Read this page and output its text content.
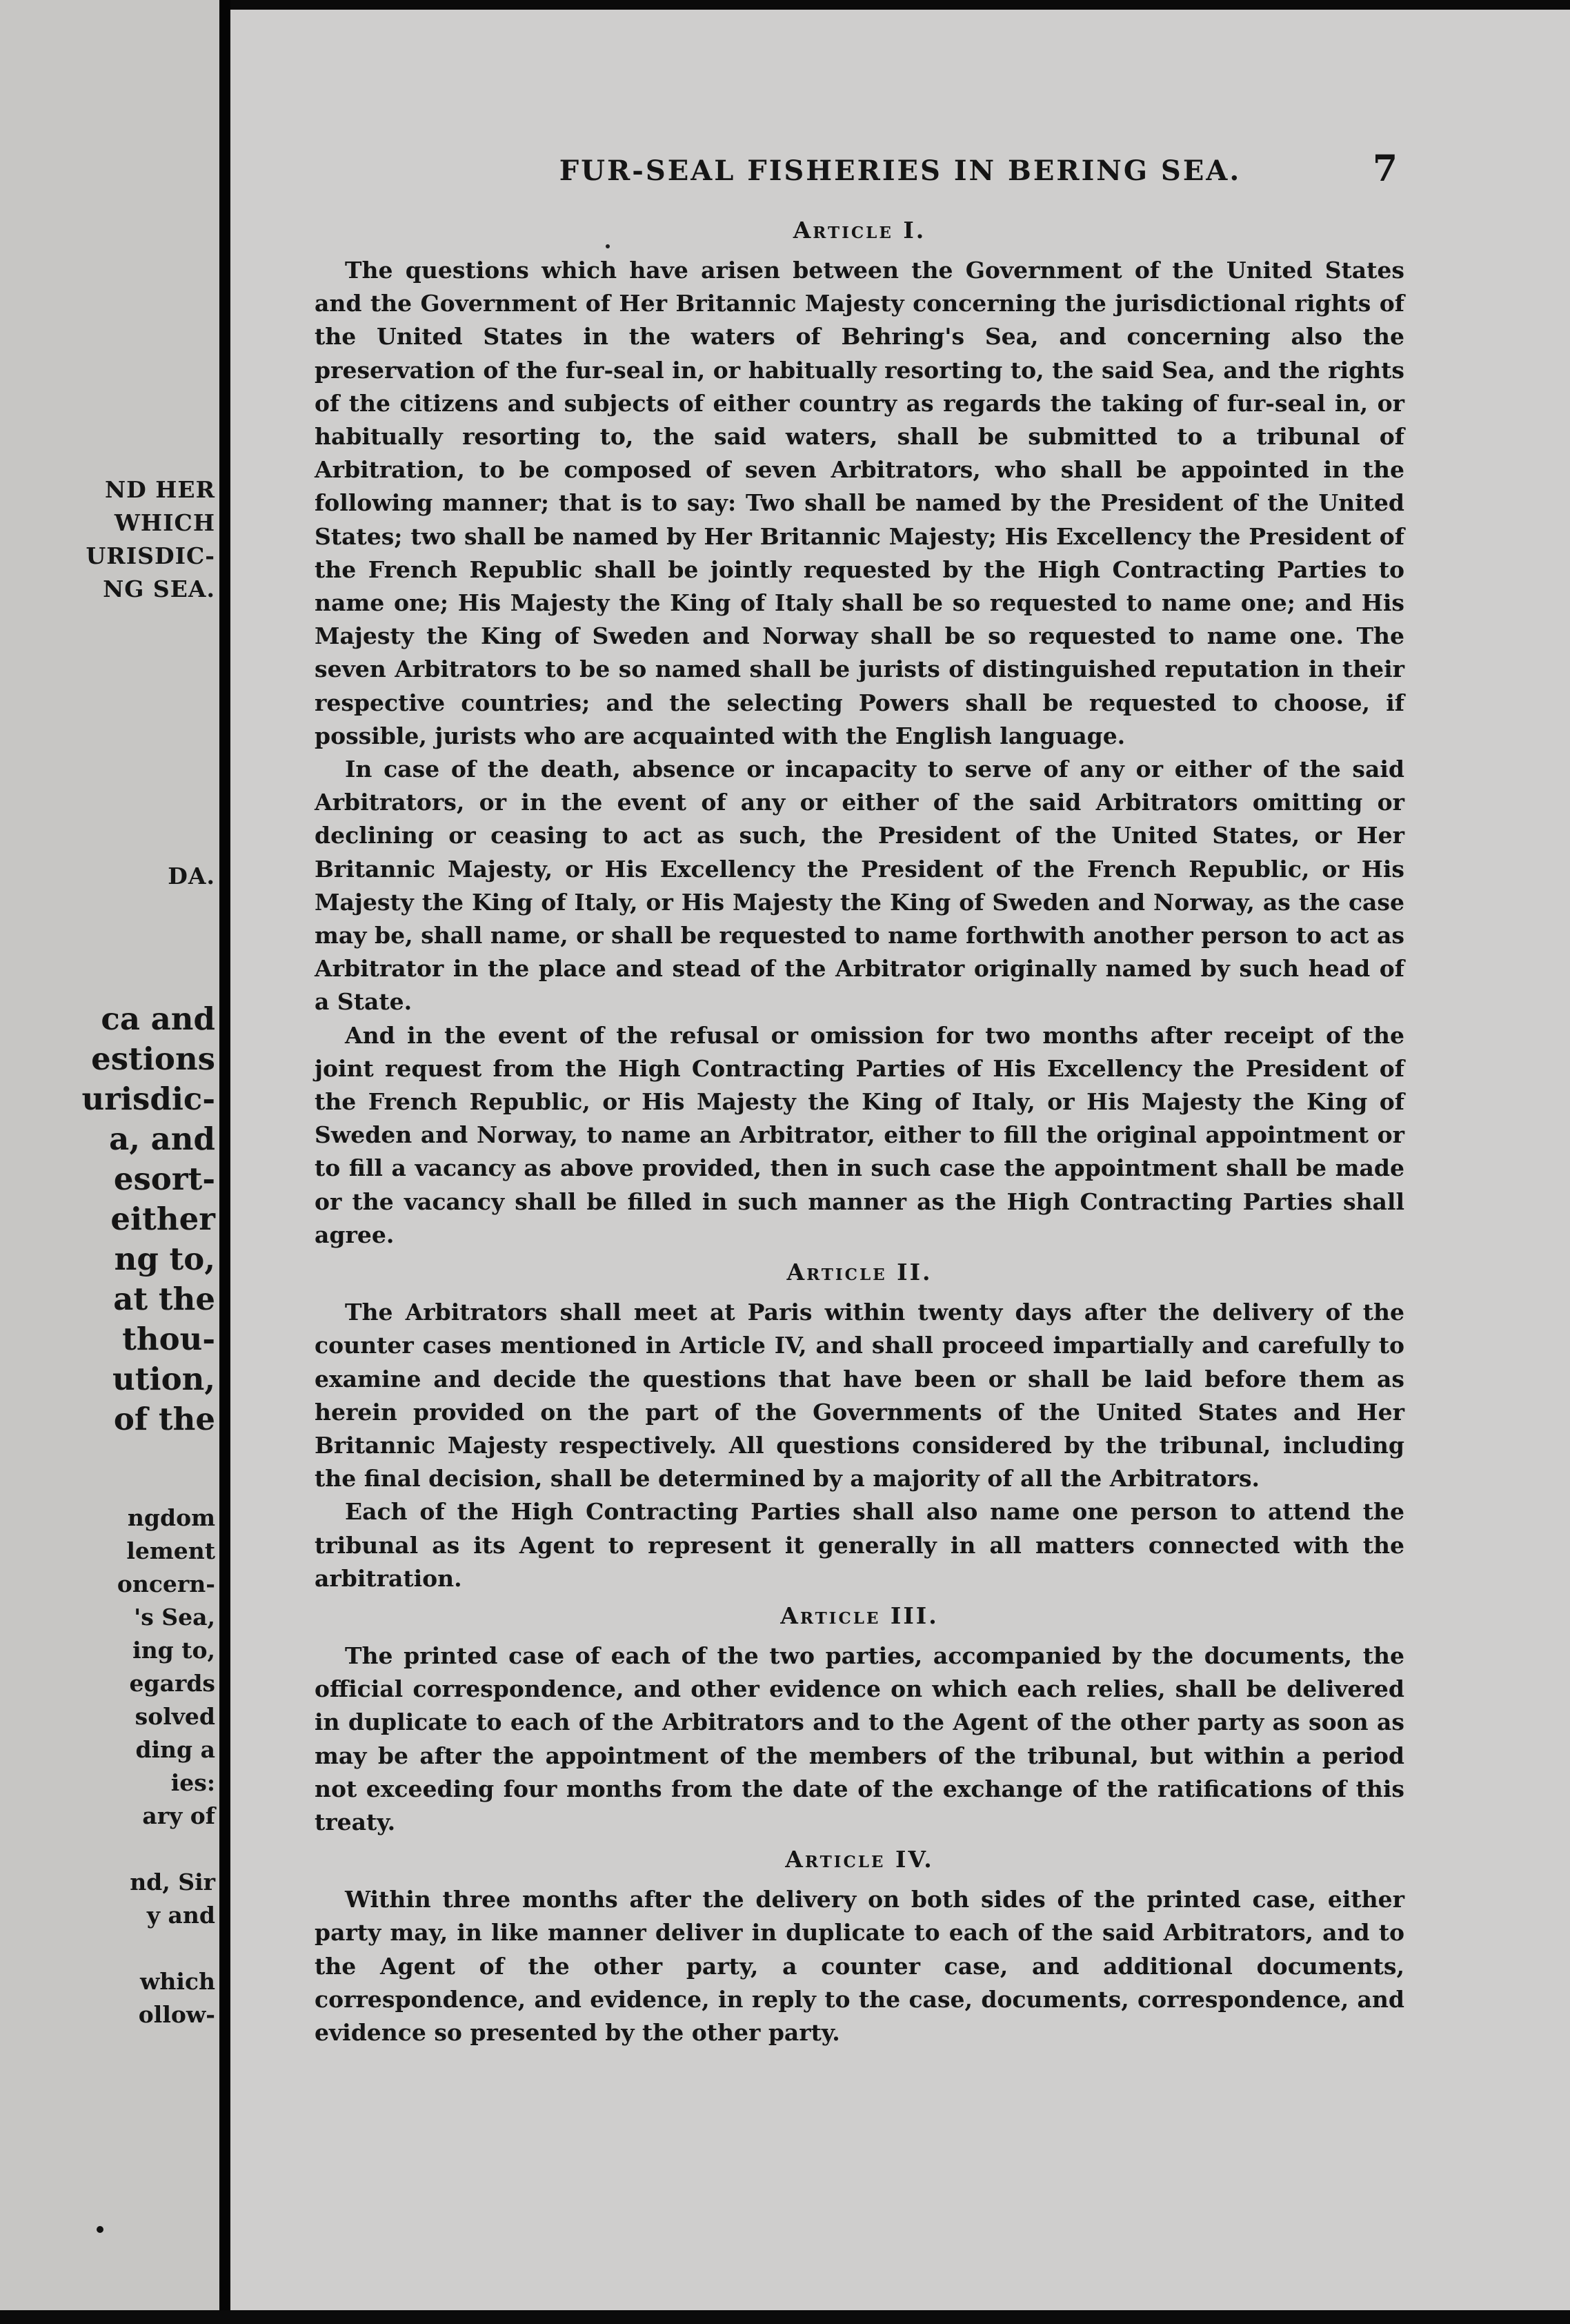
ND HER
WHICH
URISDIC-
NG SEA.
DA.
ca and
estions
urisdic-
a, and
esort-
either
ng to,
at the
thou-
ution,
of the
ngdom
lement
oncern-
's Sea,
ing to,
egards
solved
ding a
ies:
ary of
nd, Sir
y and
which
ollow-
FUR-SEAL FISHERIES IN BERING SEA.	7
Article I.

The questions which have arisen between the Government of the United States and the Government of Her Britannic Majesty concerning the jurisdictional rights of the United States in the waters of Behring's Sea, and concerning also the preservation of the fur-seal in, or habitually resorting to, the said Sea, and the rights of the citizens and subjects of either country as regards the taking of fur-seal in, or habitually resorting to, the said waters, shall be submitted to a tribunal of Arbitration, to be composed of seven Arbitrators, who shall be appointed in the following manner; that is to say: Two shall be named by the President of the United States; two shall be named by Her Britannic Majesty; His Excellency the President of the French Republic shall be jointly requested by the High Contracting Parties to name one; His Majesty the King of Italy shall be so requested to name one; and His Majesty the King of Sweden and Norway shall be so requested to name one. The seven Arbitrators to be so named shall be jurists of distinguished reputation in their respective countries; and the selecting Powers shall be requested to choose, if possible, jurists who are acquainted with the English language.

In case of the death, absence or incapacity to serve of any or either of the said Arbitrators, or in the event of any or either of the said Arbitrators omitting or declining or ceasing to act as such, the President of the United States, or Her Britannic Majesty, or His Excellency the President of the French Republic, or His Majesty the King of Italy, or His Majesty the King of Sweden and Norway, as the case may be, shall name, or shall be requested to name forthwith another person to act as Arbitrator in the place and stead of the Arbitrator originally named by such head of a State.

And in the event of the refusal or omission for two months after receipt of the joint request from the High Contracting Parties of His Excellency the President of the French Republic, or His Majesty the King of Italy, or His Majesty the King of Sweden and Norway, to name an Arbitrator, either to fill the original appointment or to fill a vacancy as above provided, then in such case the appointment shall be made or the vacancy shall be filled in such manner as the High Contracting Parties shall agree.

Article II.

The Arbitrators shall meet at Paris within twenty days after the delivery of the counter cases mentioned in Article IV, and shall proceed impartially and carefully to examine and decide the questions that have been or shall be laid before them as herein provided on the part of the Governments of the United States and Her Britannic Majesty respectively. All questions considered by the tribunal, including the final decision, shall be determined by a majority of all the Arbitrators.

Each of the High Contracting Parties shall also name one person to attend the tribunal as its Agent to represent it generally in all matters connected with the arbitration.

Article III.

The printed case of each of the two parties, accompanied by the documents, the official correspondence, and other evidence on which each relies, shall be delivered in duplicate to each of the Arbitrators and to the Agent of the other party as soon as may be after the appointment of the members of the tribunal, but within a period not exceeding four months from the date of the exchange of the ratifications of this treaty.

Article IV.

Within three months after the delivery on both sides of the printed case, either party may, in like manner deliver in duplicate to each of the said Arbitrators, and to the Agent of the other party, a counter case, and additional documents, correspondence, and evidence, in reply to the case, documents, correspondence, and evidence so presented by the other party.
